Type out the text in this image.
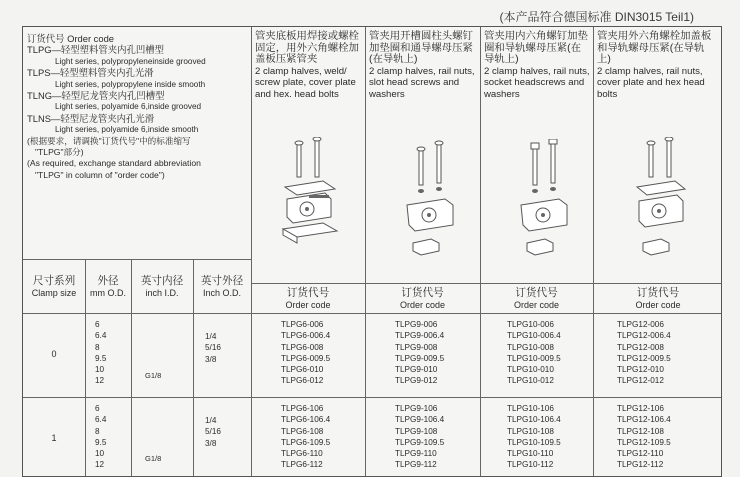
(本产品符合德国标准 DIN3015 Teil1)
订货代号 Order code
TLPG—轻型塑料管夹内孔凹槽型
Light series, polypropyleneinside grooved
TLPS—轻型塑料管夹内孔光滑
Light series, polypropylene inside smooth
TLNG—轻型尼龙管夹内孔凹槽型
Light series, polyamide 6,inside grooved
TLNS—轻型尼龙管夹内孔光滑
Light series, polyamide 6,inside smooth
(根据要求，请调换"订货代号"中的标准缩写
"TLPG"部分)
(As required, exchange standard abbreviation
"TLPG" in column of "order code")
管夹底板用焊接或螺栓固定，用外六角螺栓加盖板压紧管夹
2 clamp halves, weld/ screw plate, cover plate and hex. head bolts
管夹用开槽圆柱头螺钉加垫圈和通导螺母压紧(在导轨上)
2 clamp halves, rail nuts, slot head screws and washers
管夹用内六角螺钉加垫圈和导轨螺母压紧(在导轨上)
2 clamp halves, rail nuts, socket headscrews and washers
管夹用外六角螺栓加盖板和导轨螺母压紧(在导轨上)
2 clamp halves, rail nuts, cover plate and hex head bolts
尺寸系列
Clamp size
外径
mm O.D.
英寸内径
inch I.D.
英寸外径
Inch O.D.	订货代号
Order code
订货代号
Order code
订货代号
Order code
订货代号
Order code
0
6
6.4
8
9.5
10
12
G1/8
1/4
5/16
3/8
TLPG6-006
TLPG6-006.4
TLPG6-008
TLPG6-009.5
TLPG6-010
TLPG6-012
TLPG9-006
TLPG9-006.4
TLPG9-008
TLPG9-009.5
TLPG9-010
TLPG9-012
TLPG10-006
TLPG10-006.4
TLPG10-008
TLPG10-009.5
TLPG10-010
TLPG10-012
TLPG12-006
TLPG12-006.4
TLPG12-008
TLPG12-009.5
TLPG12-010
TLPG12-012
1
6
6.4
8
9.5
10
12
G1/8
1/4
5/16
3/8
TLPG6-106
TLPG6-106.4
TLPG6-108
TLPG6-109.5
TLPG6-110
TLPG6-112
TLPG9-106
TLPG9-106.4
TLPG9-108
TLPG9-109.5
TLPG9-110
TLPG9-112
TLPG10-106
TLPG10-106.4
TLPG10-108
TLPG10-109.5
TLPG10-110
TLPG10-112
TLPG12-106
TLPG12-106.4
TLPG12-108
TLPG12-109.5
TLPG12-110
TLPG12-112
